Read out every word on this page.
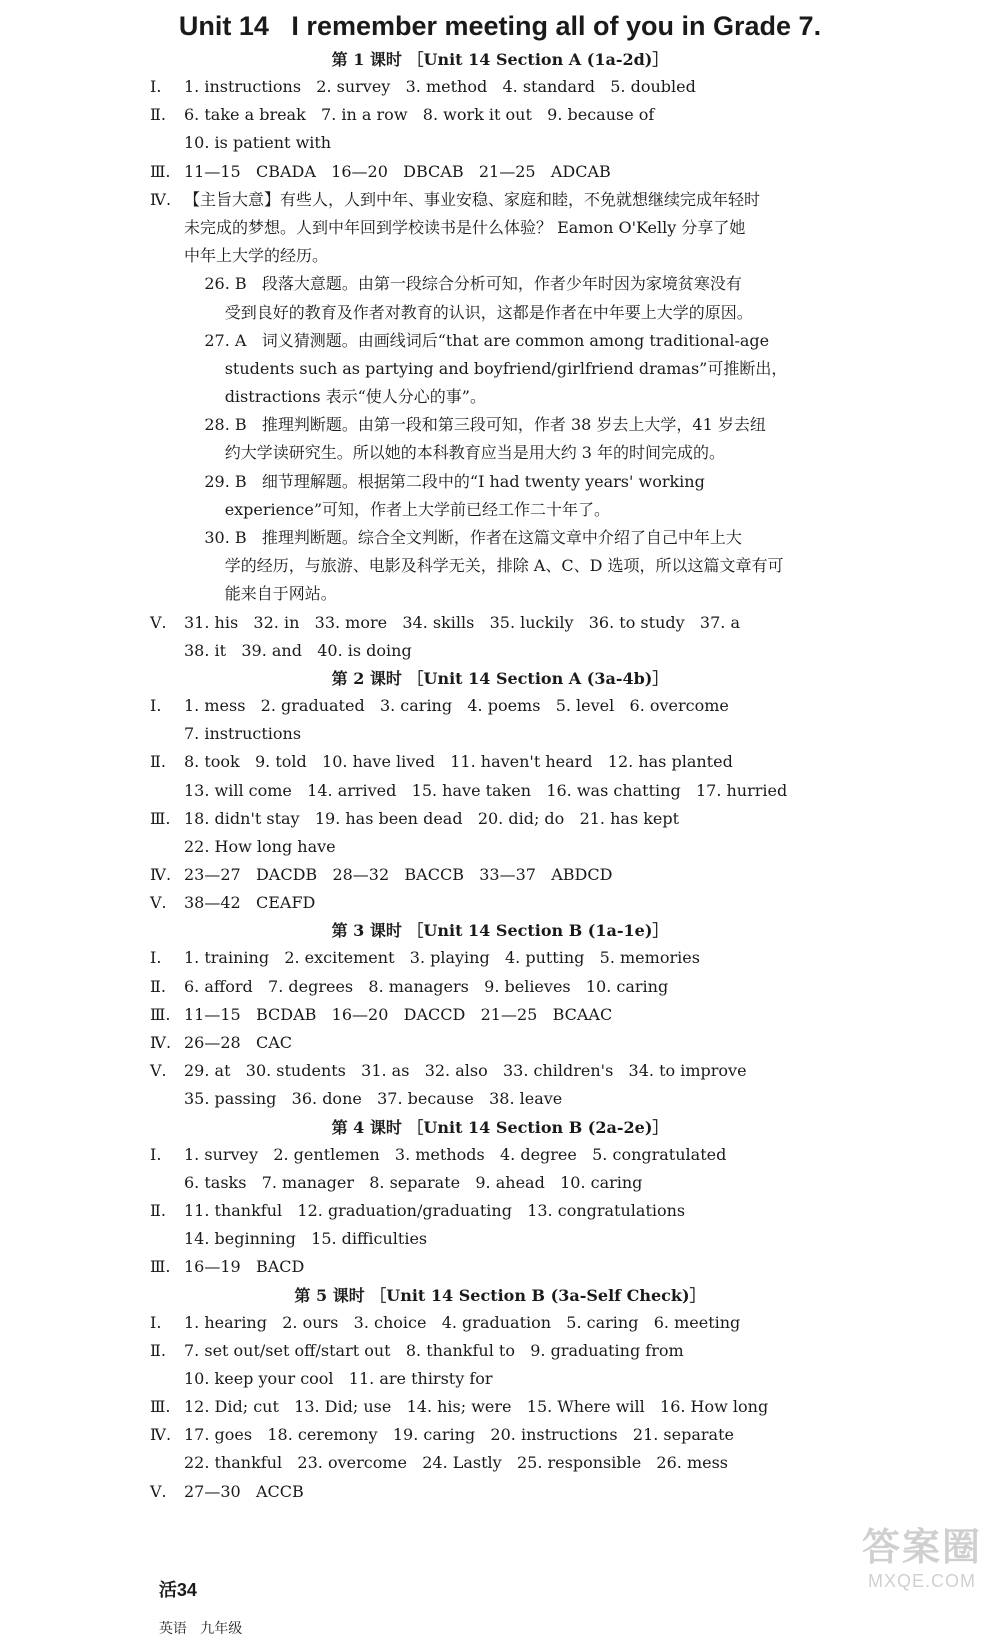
Unit 14   I remember meeting all of you in Grade 7.
第 1 课时 ［Unit 14 Section A (1a-2d)］
Ⅰ. 1. instructions   2. survey   3. method   4. standard   5. doubled
Ⅱ. 6. take a break   7. in a row   8. work it out   9. because of
10. is patient with
Ⅲ. 11—15   CBADA   16—20   DBCAB   21—25   ADCAB
Ⅳ. 【主旨大意】有些人，人到中年、事业安稳、家庭和睦，不免就想继续完成年轻时
未完成的梦想。人到中年回到学校读书是什么体验？ Eamon O'Kelly 分享了她
中年上大学的经历。
26. B   段落大意题。由第一段综合分析可知，作者少年时因为家境贫寒没有
受到良好的教育及作者对教育的认识，这都是作者在中年要上大学的原因。
27. A   词义猜测题。由画线词后“that are common among traditional-age
students such as partying and boyfriend/girlfriend dramas”可推断出，
distractions 表示“使人分心的事”。
28. B   推理判断题。由第一段和第三段可知，作者 38 岁去上大学，41 岁去纽
约大学读研究生。所以她的本科教育应当是用大约 3 年的时间完成的。
29. B   细节理解题。根据第二段中的“I had twenty years' working
experience”可知，作者上大学前已经工作二十年了。
30. B   推理判断题。综合全文判断，作者在这篇文章中介绍了自己中年上大
学的经历，与旅游、电影及科学无关，排除 A、C、D 选项，所以这篇文章有可
能来自于网站。
Ⅴ. 31. his   32. in   33. more   34. skills   35. luckily   36. to study   37. a
38. it   39. and   40. is doing
第 2 课时 ［Unit 14 Section A (3a-4b)］
Ⅰ. 1. mess   2. graduated   3. caring   4. poems   5. level   6. overcome
7. instructions
Ⅱ. 8. took   9. told   10. have lived   11. haven't heard   12. has planted
13. will come   14. arrived   15. have taken   16. was chatting   17. hurried
Ⅲ. 18. didn't stay   19. has been dead   20. did; do   21. has kept
22. How long have
Ⅳ. 23—27   DACDB   28—32   BACCB   33—37   ABDCD
Ⅴ. 38—42   CEAFD
第 3 课时 ［Unit 14 Section B (1a-1e)］
Ⅰ. 1. training   2. excitement   3. playing   4. putting   5. memories
Ⅱ. 6. afford   7. degrees   8. managers   9. believes   10. caring
Ⅲ. 11—15   BCDAB   16—20   DACCD   21—25   BCAAC
Ⅳ. 26—28   CAC
Ⅴ. 29. at   30. students   31. as   32. also   33. children's   34. to improve
35. passing   36. done   37. because   38. leave
第 4 课时 ［Unit 14 Section B (2a-2e)］
Ⅰ. 1. survey   2. gentlemen   3. methods   4. degree   5. congratulated
6. tasks   7. manager   8. separate   9. ahead   10. caring
Ⅱ. 11. thankful   12. graduation/graduating   13. congratulations
14. beginning   15. difficulties
Ⅲ. 16—19   BACD
第 5 课时 ［Unit 14 Section B (3a-Self Check)］
Ⅰ. 1. hearing   2. ours   3. choice   4. graduation   5. caring   6. meeting
Ⅱ. 7. set out/set off/start out   8. thankful to   9. graduating from
10. keep your cool   11. are thirsty for
Ⅲ. 12. Did; cut   13. Did; use   14. his; were   15. Where will   16. How long
Ⅳ. 17. goes   18. ceremony   19. caring   20. instructions   21. separate
22. thankful   23. overcome   24. Lastly   25. responsible   26. mess
Ⅴ. 27—30   ACCB

活34

英语   九年级

答案圈
MXQE.COM
